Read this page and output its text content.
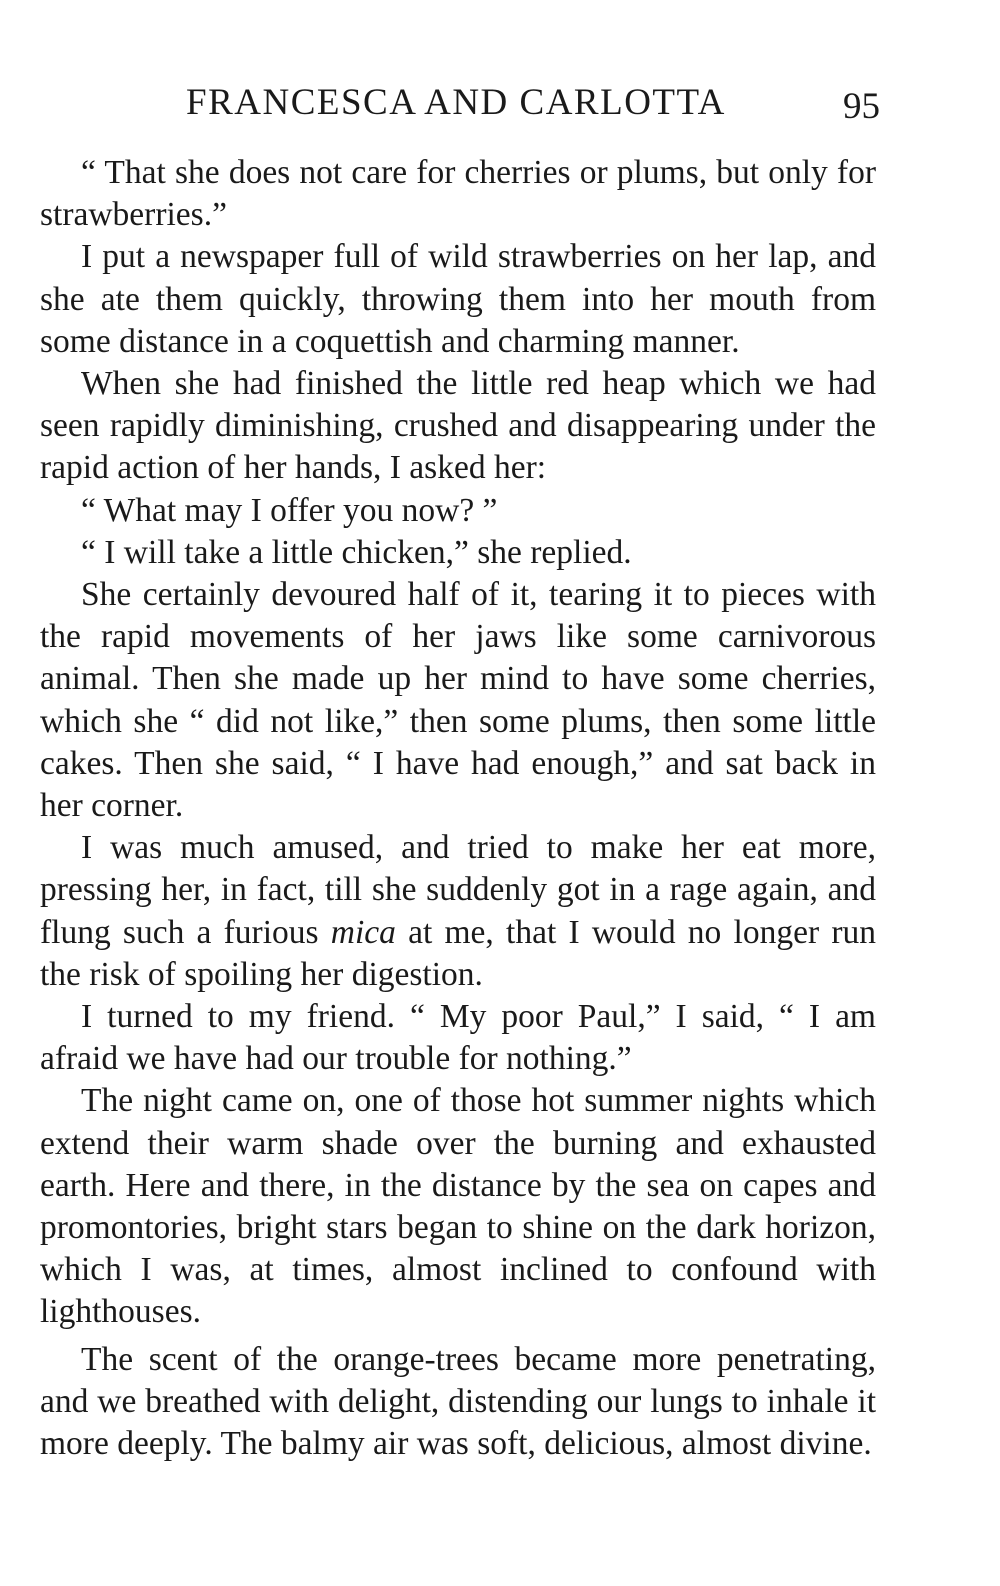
FRANCESCA AND CARLOTTA	95

“ That she does not care for cherries or plums, but only for strawberries.”

I put a newspaper full of wild strawberries on her lap, and she ate them quickly, throwing them into her mouth from some distance in a coquettish and charming manner.

When she had finished the little red heap which we had seen rapidly diminishing, crushed and disappearing under the rapid action of her hands, I asked her:

“ What may I offer you now? ”

“ I will take a little chicken,” she replied.

She certainly devoured half of it, tearing it to pieces with the rapid movements of her jaws like some carnivorous animal. Then she made up her mind to have some cherries, which she “ did not like,” then some plums, then some little cakes. Then she said, “ I have had enough,” and sat back in her corner.

I was much amused, and tried to make her eat more, pressing her, in fact, till she suddenly got in a rage again, and flung such a furious mica at me, that I would no longer run the risk of spoiling her digestion.

I turned to my friend. “ My poor Paul,” I said, “ I am afraid we have had our trouble for nothing.”

The night came on, one of those hot summer nights which extend their warm shade over the burning and exhausted earth. Here and there, in the distance by the sea on capes and promontories, bright stars began to shine on the dark horizon, which I was, at times, almost inclined to confound with lighthouses.

The scent of the orange-trees became more penetrating, and we breathed with delight, distending our lungs to inhale it more deeply. The balmy air was soft, delicious, almost divine.
